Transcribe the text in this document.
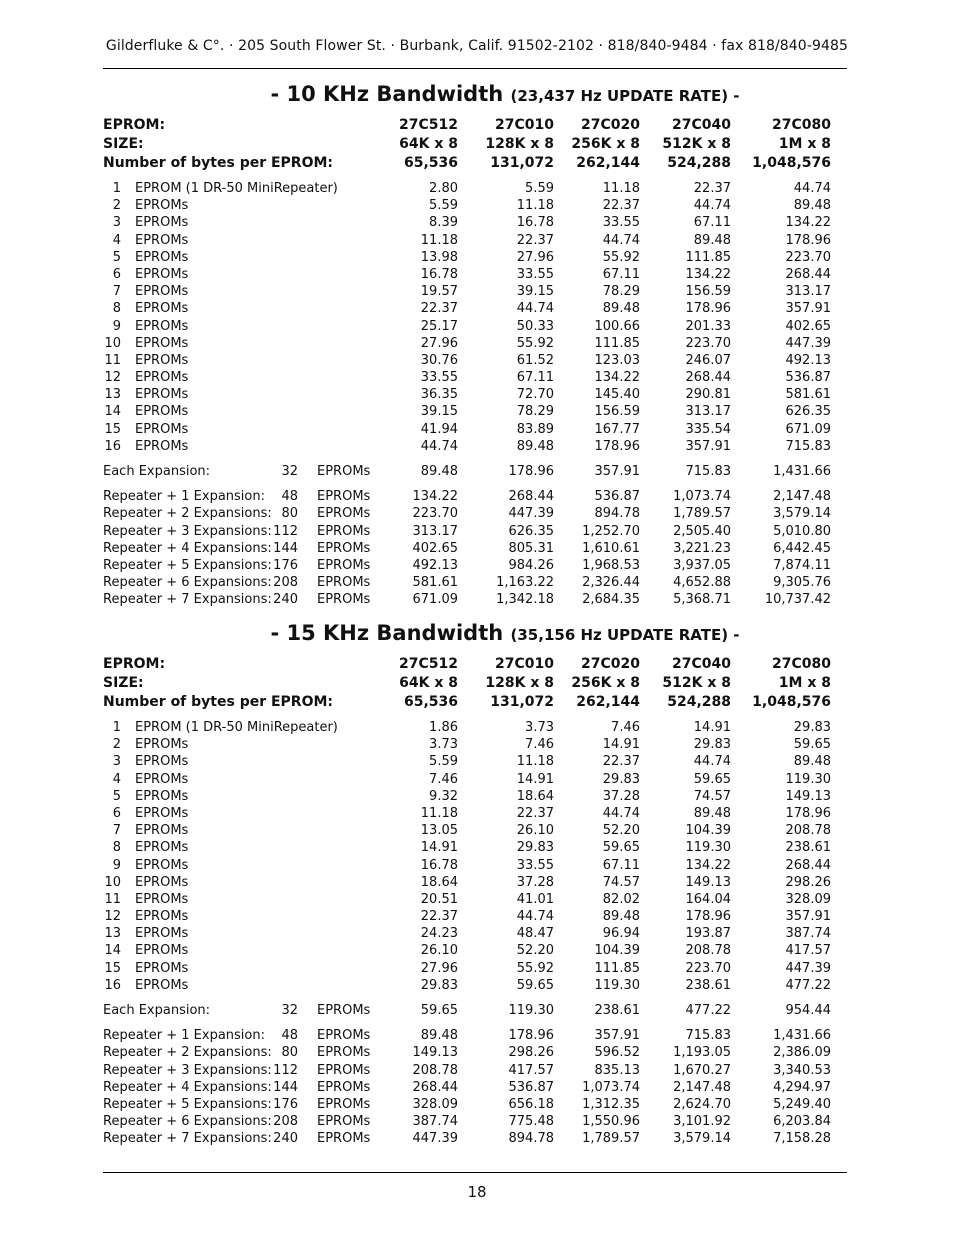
Gilderfluke & C°. · 205 South Flower St. · Burbank, Calif. 91502-2102 · 818/840-9484 · fax 818/840-9485
- 10 KHz Bandwidth (23,437 Hz UPDATE RATE) -
EPROM:	27C512	27C010	27C020	27C040	27C080
SIZE:	64K x 8	128K x 8	256K x 8	512K x 8	1M x 8
Number of bytes per EPROM:	65,536	131,072	262,144	524,288	1,048,576
1 EPROM (1 DR-50 MiniRepeater)	2.80	5.59	11.18	22.37	44.74
2 EPROMs	5.59	11.18	22.37	44.74	89.48
3 EPROMs	8.39	16.78	33.55	67.11	134.22
4 EPROMs	11.18	22.37	44.74	89.48	178.96
5 EPROMs	13.98	27.96	55.92	111.85	223.70
6 EPROMs	16.78	33.55	67.11	134.22	268.44
7 EPROMs	19.57	39.15	78.29	156.59	313.17
8 EPROMs	22.37	44.74	89.48	178.96	357.91
9 EPROMs	25.17	50.33	100.66	201.33	402.65
10 EPROMs	27.96	55.92	111.85	223.70	447.39
11 EPROMs	30.76	61.52	123.03	246.07	492.13
12 EPROMs	33.55	67.11	134.22	268.44	536.87
13 EPROMs	36.35	72.70	145.40	290.81	581.61
14 EPROMs	39.15	78.29	156.59	313.17	626.35
15 EPROMs	41.94	83.89	167.77	335.54	671.09
16 EPROMs	44.74	89.48	178.96	357.91	715.83
Each Expansion:	32 EPROMs	89.48	178.96	357.91	715.83	1,431.66
Repeater + 1 Expansion:	48 EPROMs	134.22	268.44	536.87	1,073.74	2,147.48
Repeater + 2 Expansions: 80 EPROMs	223.70	447.39	894.78	1,789.57	3,579.14
Repeater + 3 Expansions: 112 EPROMs	313.17	626.35	1,252.70	2,505.40	5,010.80
Repeater + 4 Expansions: 144 EPROMs	402.65	805.31	1,610.61	3,221.23	6,442.45
Repeater + 5 Expansions: 176 EPROMs	492.13	984.26	1,968.53	3,937.05	7,874.11
Repeater + 6 Expansions: 208 EPROMs	581.61	1,163.22	2,326.44	4,652.88	9,305.76
Repeater + 7 Expansions: 240 EPROMs	671.09	1,342.18	2,684.35	5,368.71	10,737.42
- 15 KHz Bandwidth (35,156 Hz UPDATE RATE) -
EPROM:	27C512	27C010	27C020	27C040	27C080
SIZE:	64K x 8	128K x 8	256K x 8	512K x 8	1M x 8
Number of bytes per EPROM:	65,536	131,072	262,144	524,288	1,048,576
1 EPROM (1 DR-50 MiniRepeater)	1.86	3.73	7.46	14.91	29.83
2 EPROMs	3.73	7.46	14.91	29.83	59.65
3 EPROMs	5.59	11.18	22.37	44.74	89.48
4 EPROMs	7.46	14.91	29.83	59.65	119.30
5 EPROMs	9.32	18.64	37.28	74.57	149.13
6 EPROMs	11.18	22.37	44.74	89.48	178.96
7 EPROMs	13.05	26.10	52.20	104.39	208.78
8 EPROMs	14.91	29.83	59.65	119.30	238.61
9 EPROMs	16.78	33.55	67.11	134.22	268.44
10 EPROMs	18.64	37.28	74.57	149.13	298.26
11 EPROMs	20.51	41.01	82.02	164.04	328.09
12 EPROMs	22.37	44.74	89.48	178.96	357.91
13 EPROMs	24.23	48.47	96.94	193.87	387.74
14 EPROMs	26.10	52.20	104.39	208.78	417.57
15 EPROMs	27.96	55.92	111.85	223.70	447.39
16 EPROMs	29.83	59.65	119.30	238.61	477.22
Each Expansion:	32 EPROMs	59.65	119.30	238.61	477.22	954.44
Repeater + 1 Expansion:	48 EPROMs	89.48	178.96	357.91	715.83	1,431.66
Repeater + 2 Expansions: 80 EPROMs	149.13	298.26	596.52	1,193.05	2,386.09
Repeater + 3 Expansions: 112 EPROMs	208.78	417.57	835.13	1,670.27	3,340.53
Repeater + 4 Expansions: 144 EPROMs	268.44	536.87	1,073.74	2,147.48	4,294.97
Repeater + 5 Expansions: 176 EPROMs	328.09	656.18	1,312.35	2,624.70	5,249.40
Repeater + 6 Expansions: 208 EPROMs	387.74	775.48	1,550.96	3,101.92	6,203.84
Repeater + 7 Expansions: 240 EPROMs	447.39	894.78	1,789.57	3,579.14	7,158.28
18
